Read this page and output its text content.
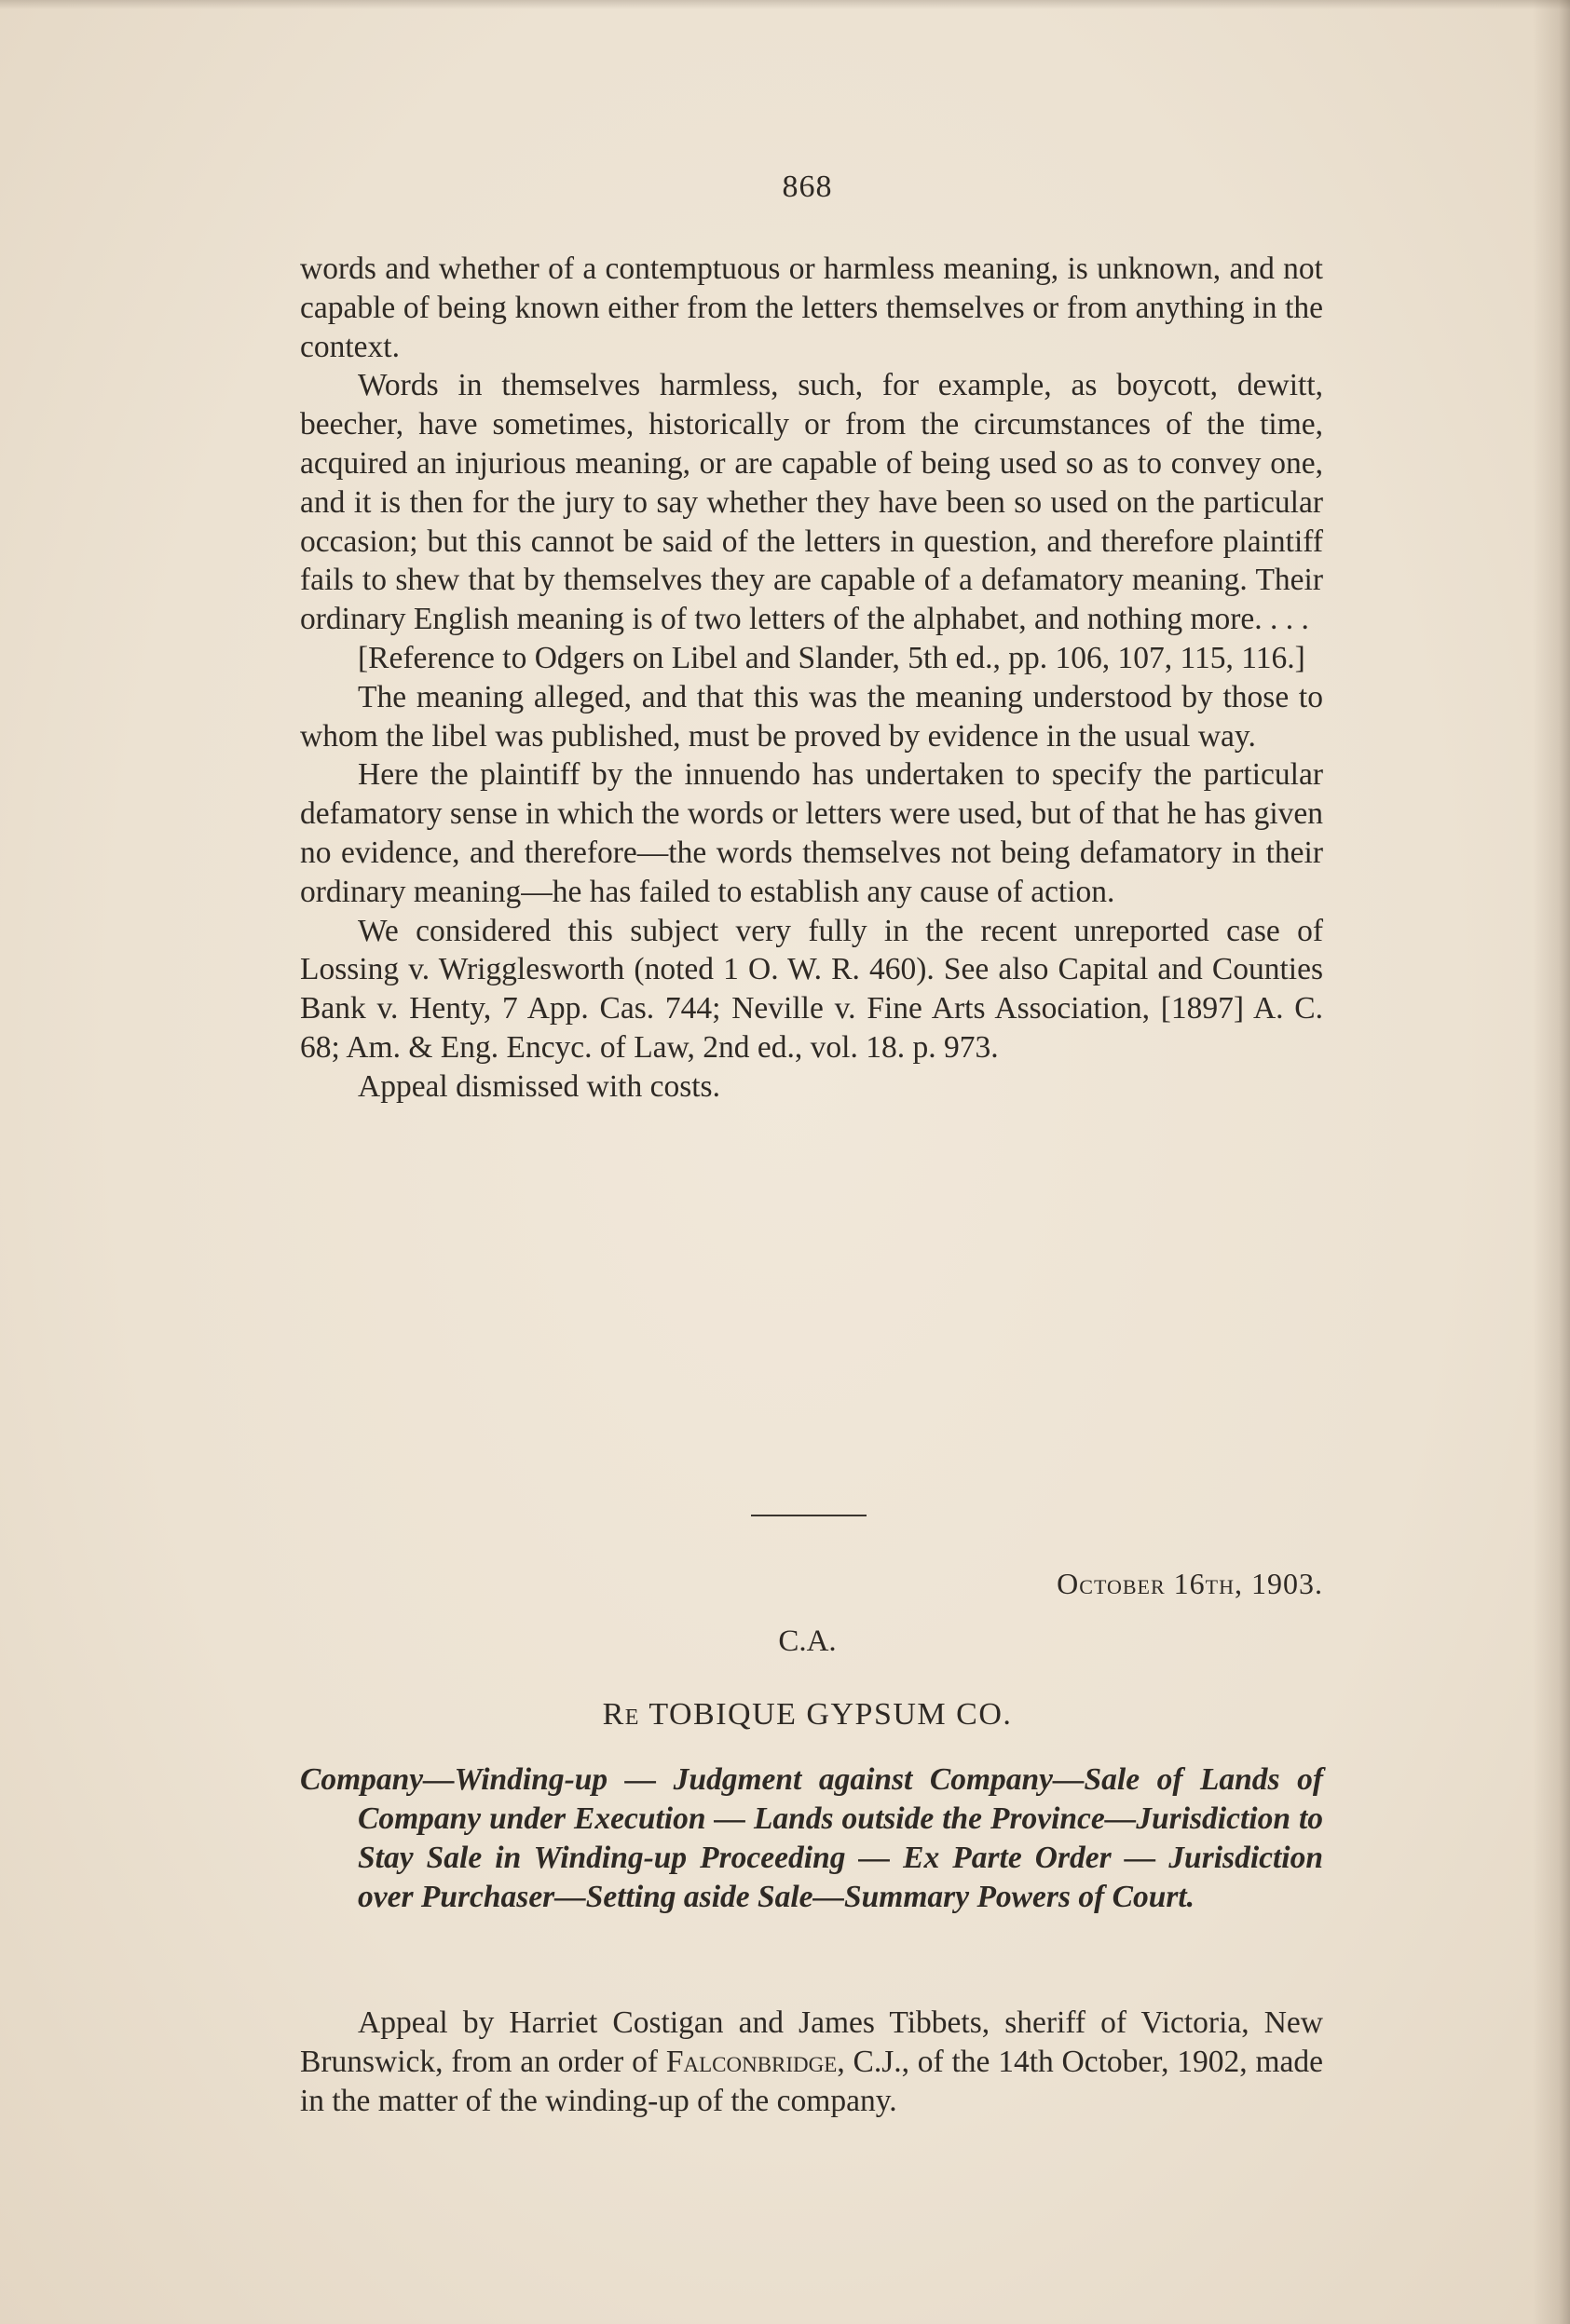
868

words and whether of a contemptuous or harmless meaning, is unknown, and not capable of being known either from the letters themselves or from anything in the context.

Words in themselves harmless, such, for example, as boycott, dewitt, beecher, have sometimes, historically or from the circumstances of the time, acquired an injurious meaning, or are capable of being used so as to convey one, and it is then for the jury to say whether they have been so used on the particular occasion; but this cannot be said of the letters in question, and therefore plaintiff fails to shew that by themselves they are capable of a defamatory meaning. Their ordinary English meaning is of two letters of the alphabet, and nothing more. . . .

[Reference to Odgers on Libel and Slander, 5th ed., pp. 106, 107, 115, 116.]

The meaning alleged, and that this was the meaning understood by those to whom the libel was published, must be proved by evidence in the usual way.

Here the plaintiff by the innuendo has undertaken to specify the particular defamatory sense in which the words or letters were used, but of that he has given no evidence, and therefore—the words themselves not being defamatory in their ordinary meaning—he has failed to establish any cause of action.

We considered this subject very fully in the recent unreported case of Lossing v. Wrigglesworth (noted 1 O. W. R. 460). See also Capital and Counties Bank v. Henty, 7 App. Cas. 744; Neville v. Fine Arts Association, [1897] A. C. 68; Am. & Eng. Encyc. of Law, 2nd ed., vol. 18. p. 973.

Appeal dismissed with costs.

October 16th, 1903.
C.A.
Re TOBIQUE GYPSUM CO.
Company—Winding-up — Judgment against Company—Sale of Lands of Company under Execution — Lands outside the Province—Jurisdiction to Stay Sale in Winding-up Proceeding — Ex Parte Order — Jurisdiction over Purchaser—Setting aside Sale—Summary Powers of Court.

Appeal by Harriet Costigan and James Tibbets, sheriff of Victoria, New Brunswick, from an order of Falconbridge, C.J., of the 14th October, 1902, made in the matter of the winding-up of the company.
